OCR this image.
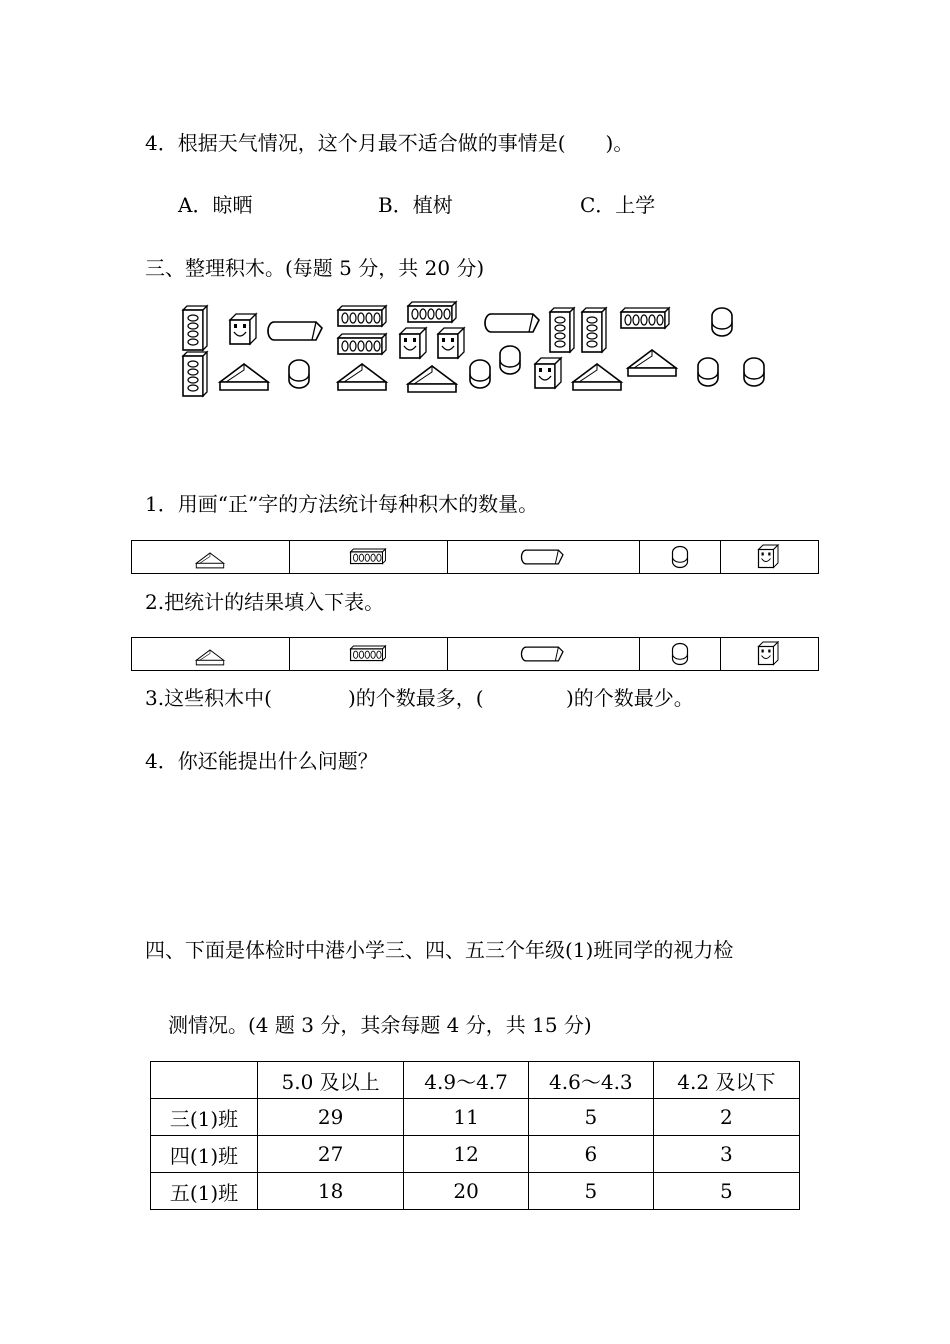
4．根据天气情况，这个月最不适合做的事情是(　　)。
A．晾晒	B．植树	C．上学
三、整理积木。(每题 5 分，共 20 分)
1．用画“正”字的方法统计每种积木的数量。

2.把统计的结果填入下表。

3.这些积木中(	)的个数最多，(	)的个数最少。
4．你还能提出什么问题？
四、下面是体检时中港小学三、四、五三个年级(1)班同学的视力检
测情况。(4 题 3 分，其余每题 4 分，共 15 分)
	5.0 及以上	4.9～4.7	4.6～4.3	4.2 及以下
三(1)班	29	11	5	2
四(1)班	27	12	6	3
五(1)班	18	20	5	5
